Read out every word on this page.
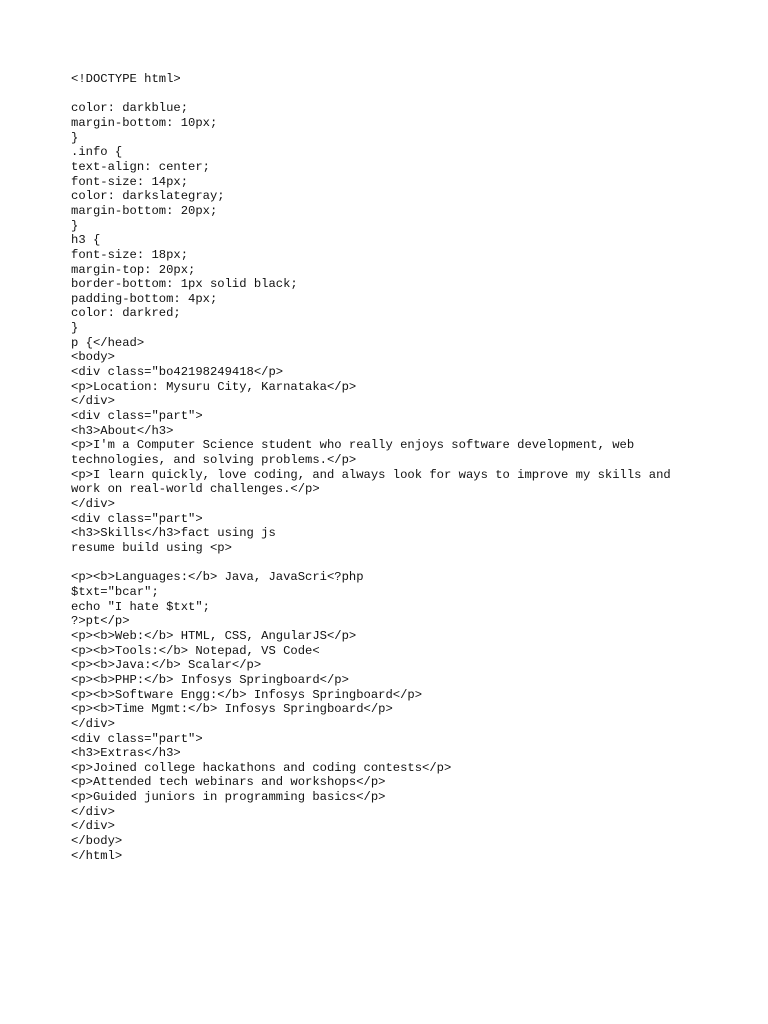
<!DOCTYPE html>
color: darkblue;
margin-bottom: 10px;
}
.info {
text-align: center;
font-size: 14px;
color: darkslategray;
margin-bottom: 20px;
}
h3 {
font-size: 18px;
margin-top: 20px;
border-bottom: 1px solid black;
padding-bottom: 4px;
color: darkred;
}
p {</head>
<body>
<div class="bo42198249418</p>
<p>Location: Mysuru City, Karnataka</p>
</div>
<div class="part">
<h3>About</h3>
<p>I'm a Computer Science student who really enjoys software development, web
technologies, and solving problems.</p>
<p>I learn quickly, love coding, and always look for ways to improve my skills and
work on real-world challenges.</p>
</div>
<div class="part">
<h3>Skills</h3>fact using js
resume build using <p>
<p><b>Languages:</b> Java, JavaScri<?php
$txt="bcar";
echo "I hate $txt";
?>pt</p>
<p><b>Web:</b> HTML, CSS, AngularJS</p>
<p><b>Tools:</b> Notepad, VS Code<
<p><b>Java:</b> Scalar</p>
<p><b>PHP:</b> Infosys Springboard</p>
<p><b>Software Engg:</b> Infosys Springboard</p>
<p><b>Time Mgmt:</b> Infosys Springboard</p>
</div>
<div class="part">
<h3>Extras</h3>
<p>Joined college hackathons and coding contests</p>
<p>Attended tech webinars and workshops</p>
<p>Guided juniors in programming basics</p>
</div>
</div>
</body>
</html>
